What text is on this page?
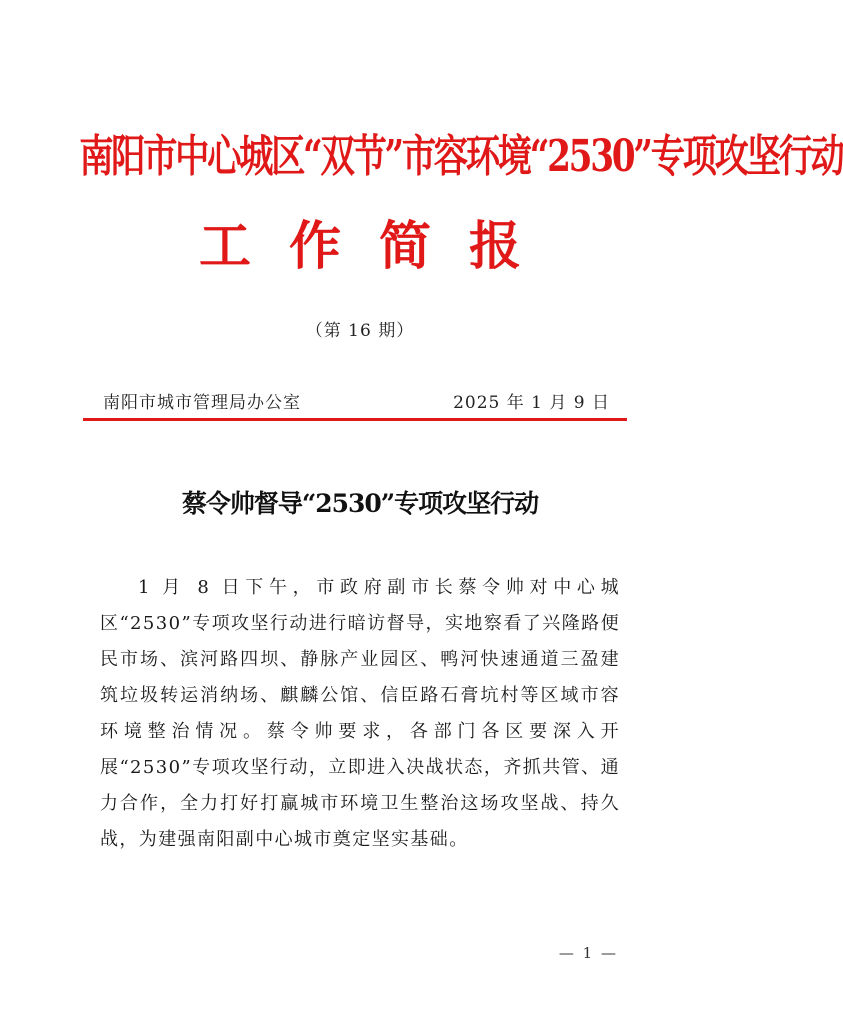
南阳市中心城区“双节”市容环境“2530”专项攻坚行动
工作简报
（第 16 期）
南阳市城市管理局办公室	2025 年 1 月 9 日
蔡令帅督导“2530”专项攻坚行动

1 月 8 日下午，市政府副市长蔡令帅对中心城区“2530”专项攻坚行动进行暗访督导，实地察看了兴隆路便民市场、滨河路四坝、静脉产业园区、鸭河快速通道三盈建筑垃圾转运消纳场、麒麟公馆、信臣路石膏坑村等区域市容环境整治情况。蔡令帅要求，各部门各区要深入开展“2530”专项攻坚行动，立即进入决战状态，齐抓共管、通力合作，全力打好打赢城市环境卫生整治这场攻坚战、持久战，为建强南阳副中心城市奠定坚实基础。

— 1 —
